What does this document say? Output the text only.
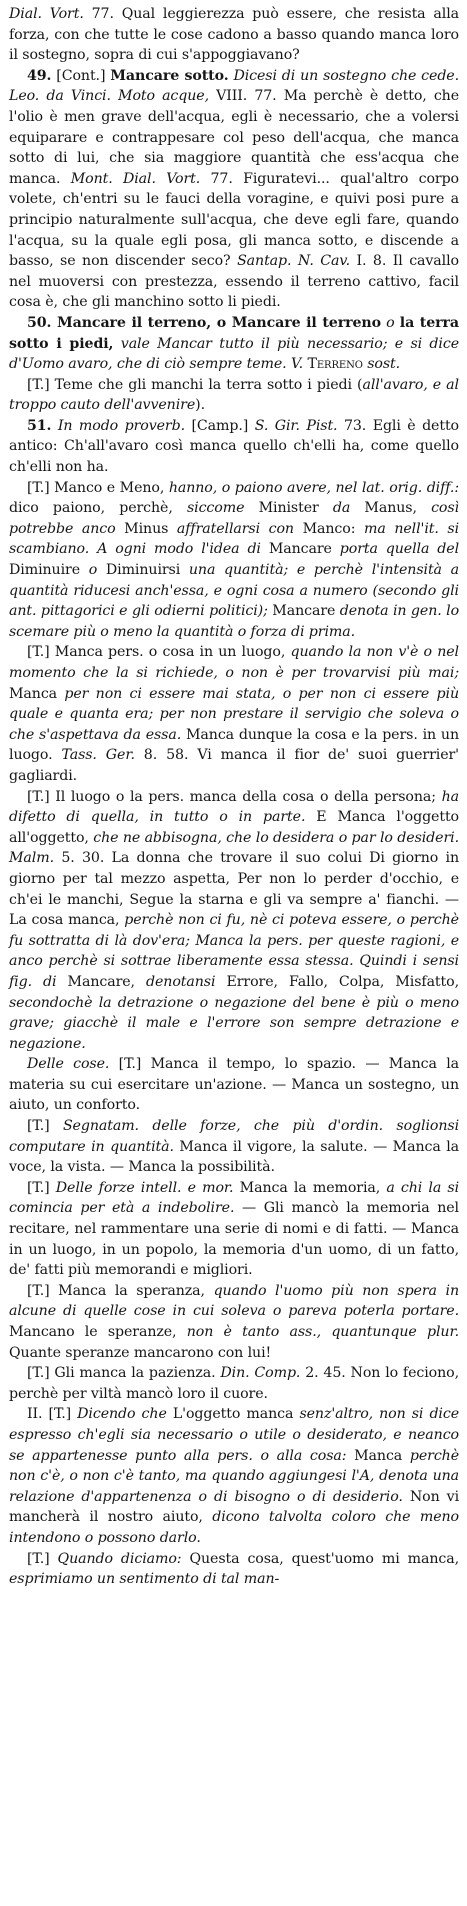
Dial. Vort. 77. Qual leggierezza può essere, che resista alla forza, con che tutte le cose cadono a basso quando manca loro il sostegno, sopra di cui s'appoggiavano?

49. [Cont.] Mancare sotto. Dicesi di un sostegno che cede. Leo. da Vinci. Moto acque, VIII. 77. Ma perchè è detto, che l'olio è men grave dell'acqua, egli è necessario, che a volersi equiparare e contrappesare col peso dell'acqua, che manca sotto di lui, che sia maggiore quantità che ess'acqua che manca. Mont. Dial. Vort. 77. Figuratevi... qual'altro corpo volete, ch'entri su le fauci della voragine, e quivi posi pure a principio naturalmente sull'acqua, che deve egli fare, quando l'acqua, su la quale egli posa, gli manca sotto, e discende a basso, se non discender seco? Santap. N. Cav. I. 8. Il cavallo nel muoversi con prestezza, essendo il terreno cattivo, facil cosa è, che gli manchino sotto li piedi.

50. Mancare il terreno, o Mancare il terreno o la terra sotto i piedi, vale Mancar tutto il più necessario; e si dice d'Uomo avaro, che di ciò sempre teme. V. Terreno sost.

[T.] Teme che gli manchi la terra sotto i piedi (all'avaro, e al troppo cauto dell'avvenire).

51. In modo proverb. [Camp.] S. Gir. Pist. 73. Egli è detto antico: Ch'all'avaro così manca quello ch'elli ha, come quello ch'elli non ha.

[T.] Manco e Meno, hanno, o paiono avere, nel lat. orig. diff.: dico paiono, perchè, siccome Minister da Manus, così potrebbe anco Minus affratellarsi con Manco: ma nell'it. si scambiano. A ogni modo l'idea di Mancare porta quella del Diminuire o Diminuirsi una quantità; e perchè l'intensità a quantità riducesi anch'essa, e ogni cosa a numero (secondo gli ant. pittagorici e gli odierni politici); Mancare denota in gen. lo scemare più o meno la quantità o forza di prima.

[T.] Manca pers. o cosa in un luogo, quando la non v'è o nel momento che la si richiede, o non è per trovarvisi più mai; Manca per non ci essere mai stata, o per non ci essere più quale e quanta era; per non prestare il servigio che soleva o che s'aspettava da essa. Manca dunque la cosa e la pers. in un luogo. Tass. Ger. 8. 58. Vi manca il fior de' suoi guerrier' gagliardi.

[T.] Il luogo o la pers. manca della cosa o della persona; ha difetto di quella, in tutto o in parte. E Manca l'oggetto all'oggetto, che ne abbisogna, che lo desidera o par lo desideri. Malm. 5. 30. La donna che trovare il suo colui Di giorno in giorno per tal mezzo aspetta, Per non lo perder d'occhio, e ch'ei le manchi, Segue la starna e gli va sempre a' fianchi. — La cosa manca, perchè non ci fu, nè ci poteva essere, o perchè fu sottratta di là dov'era; Manca la pers. per queste ragioni, e anco perchè si sottrae liberamente essa stessa. Quindi i sensi fig. di Mancare, denotansi Errore, Fallo, Colpa, Misfatto, secondochè la detrazione o negazione del bene è più o meno grave; giacchè il male e l'errore son sempre detrazione e negazione.

Delle cose. [T.] Manca il tempo, lo spazio. — Manca la materia su cui esercitare un'azione. — Manca un sostegno, un aiuto, un conforto.

[T.] Segnatam. delle forze, che più d'ordin. soglionsi computare in quantità. Manca il vigore, la salute. — Manca la voce, la vista. — Manca la possibilità.

[T.] Delle forze intell. e mor. Manca la memoria, a chi la si comincia per età a indebolire. — Gli mancò la memoria nel recitare, nel rammentare una serie di nomi e di fatti. — Manca in un luogo, in un popolo, la memoria d'un uomo, di un fatto, de' fatti più memorandi e migliori.

[T.] Manca la speranza, quando l'uomo più non spera in alcune di quelle cose in cui soleva o pareva poterla portare. Mancano le speranze, non è tanto ass., quantunque plur. Quante speranze mancarono con lui!

[T.] Gli manca la pazienza. Din. Comp. 2. 45. Non lo feciono, perchè per viltà mancò loro il cuore.

II. [T.] Dicendo che L'oggetto manca senz'altro, non si dice espresso ch'egli sia necessario o utile o desiderato, e neanco se appartenesse punto alla pers. o alla cosa: Manca perchè non c'è, o non c'è tanto, ma quando aggiungesi l'A, denota una relazione d'appartenenza o di bisogno o di desiderio. Non vi mancherà il nostro aiuto, dicono talvolta coloro che meno intendono o possono darlo.

[T.] Quando diciamo: Questa cosa, quest'uomo mi manca, esprimiamo un sentimento di tal man-
